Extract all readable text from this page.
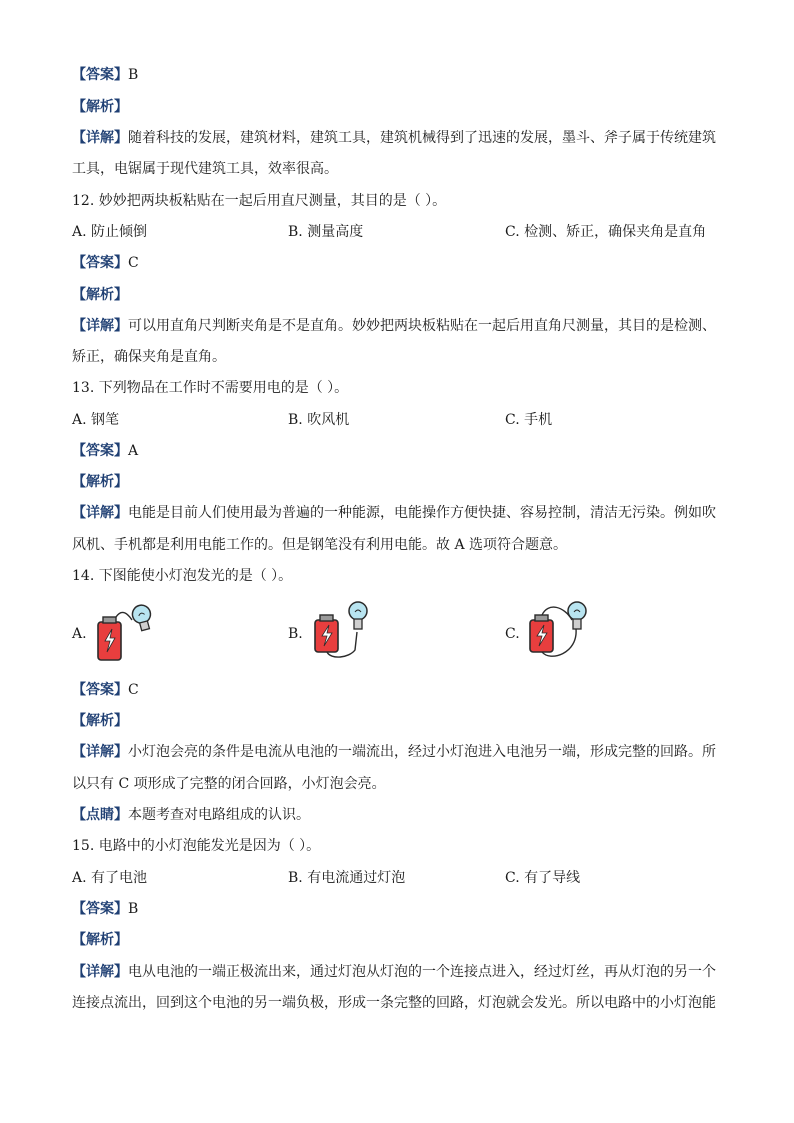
【答案】B
【解析】
【详解】随着科技的发展，建筑材料，建筑工具，建筑机械得到了迅速的发展，墨斗、斧子属于传统建筑
工具，电锯属于现代建筑工具，效率很高。
12. 妙妙把两块板粘贴在一起后用直尺测量，其目的是（ ）。
A. 防止倾倒	B. 测量高度	C. 检测、矫正，确保夹角是直角
【答案】C
【解析】
【详解】可以用直角尺判断夹角是不是直角。妙妙把两块板粘贴在一起后用直角尺测量，其目的是检测、
矫正，确保夹角是直角。
13. 下列物品在工作时不需要用电的是（ ）。
A. 钢笔	B. 吹风机	C. 手机
【答案】A
【解析】
【详解】电能是目前人们使用最为普遍的一种能源，电能操作方便快捷、容易控制，清洁无污染。例如吹
风机、手机都是利用电能工作的。但是钢笔没有利用电能。故 A 选项符合题意。
14. 下图能使小灯泡发光的是（ ）。
A.	B.	C.
【答案】C
【解析】
【详解】小灯泡会亮的条件是电流从电池的一端流出，经过小灯泡进入电池另一端，形成完整的回路。所
以只有 C 项形成了完整的闭合回路，小灯泡会亮。
【点睛】本题考查对电路组成的认识。
15. 电路中的小灯泡能发光是因为（ ）。
A. 有了电池	B. 有电流通过灯泡	C. 有了导线
【答案】B
【解析】
【详解】电从电池的一端正极流出来，通过灯泡从灯泡的一个连接点进入，经过灯丝，再从灯泡的另一个
连接点流出，回到这个电池的另一端负极，形成一条完整的回路，灯泡就会发光。所以电路中的小灯泡能
